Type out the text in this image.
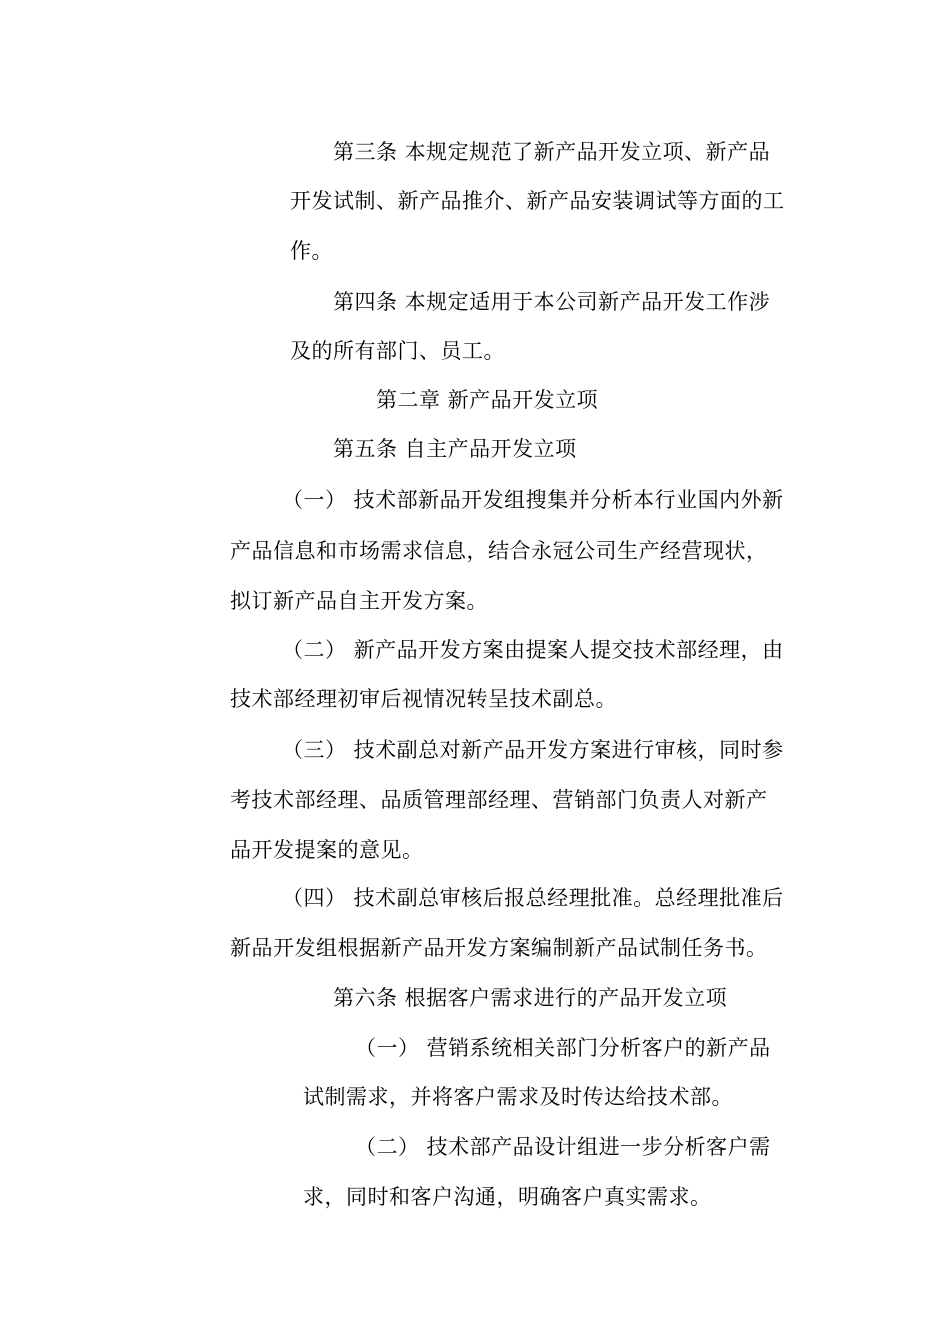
第三条 本规定规范了新产品开发立项、新产品
开发试制、新产品推介、新产品安装调试等方面的工
作。
第四条 本规定适用于本公司新产品开发工作涉
及的所有部门、员工。
第二章 新产品开发立项
第五条 自主产品开发立项
（一） 技术部新品开发组搜集并分析本行业国内外新
产品信息和市场需求信息，结合永冠公司生产经营现状，
拟订新产品自主开发方案。
（二） 新产品开发方案由提案人提交技术部经理，由
技术部经理初审后视情况转呈技术副总。
（三） 技术副总对新产品开发方案进行审核，同时参
考技术部经理、品质管理部经理、营销部门负责人对新产
品开发提案的意见。
（四） 技术副总审核后报总经理批准。总经理批准后
新品开发组根据新产品开发方案编制新产品试制任务书。
第六条 根据客户需求进行的产品开发立项
（一） 营销系统相关部门分析客户的新产品
试制需求，并将客户需求及时传达给技术部。
（二） 技术部产品设计组进一步分析客户需
求，同时和客户沟通，明确客户真实需求。
